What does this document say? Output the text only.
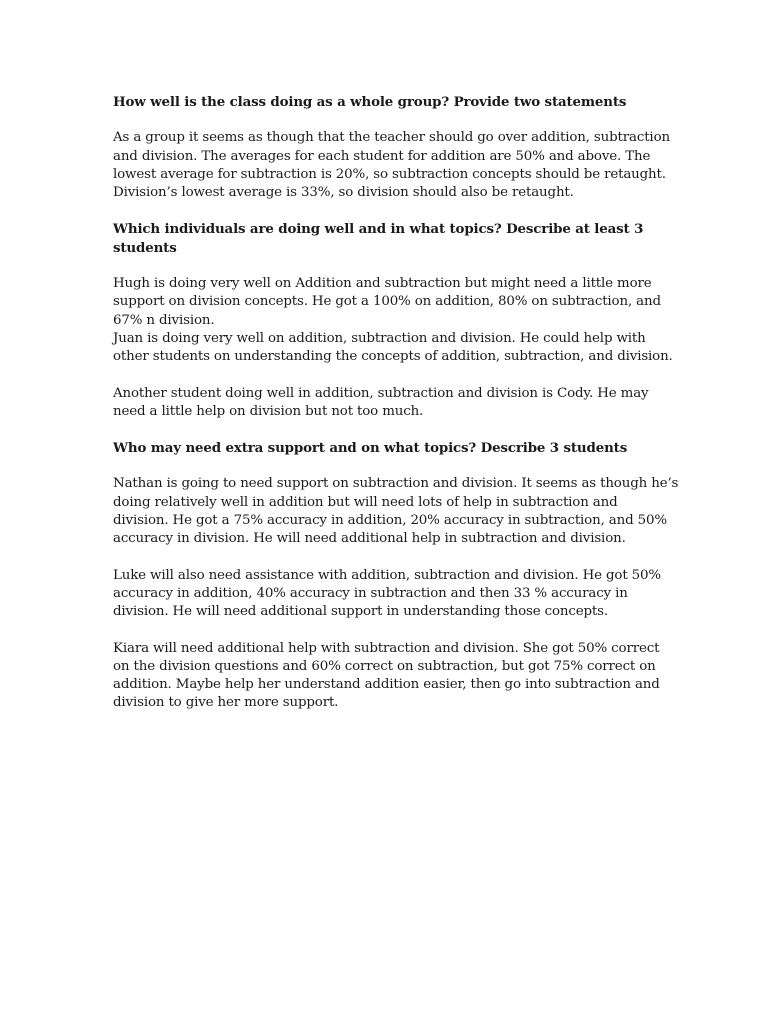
How well is the class doing as a whole group? Provide two statements
As a group it seems as though that the teacher should go over addition, subtraction
and division. The averages for each student for addition are 50% and above. The
lowest average for subtraction is 20%, so subtraction concepts should be retaught.
Division’s lowest average is 33%, so division should also be retaught.
Which individuals are doing well and in what topics? Describe at least 3
students
Hugh is doing very well on Addition and subtraction but might need a little more
support on division concepts. He got a 100% on addition, 80% on subtraction, and
67% n division.
Juan is doing very well on addition, subtraction and division. He could help with
other students on understanding the concepts of addition, subtraction, and division.
Another student doing well in addition, subtraction and division is Cody. He may
need a little help on division but not too much.
Who may need extra support and on what topics? Describe 3 students
Nathan is going to need support on subtraction and division. It seems as though he’s
doing relatively well in addition but will need lots of help in subtraction and
division. He got a 75% accuracy in addition, 20% accuracy in subtraction, and 50%
accuracy in division. He will need additional help in subtraction and division.
Luke will also need assistance with addition, subtraction and division. He got 50%
accuracy in addition, 40% accuracy in subtraction and then 33 % accuracy in
division. He will need additional support in understanding those concepts.
Kiara will need additional help with subtraction and division. She got 50% correct
on the division questions and 60% correct on subtraction, but got 75% correct on
addition. Maybe help her understand addition easier, then go into subtraction and
division to give her more support.
